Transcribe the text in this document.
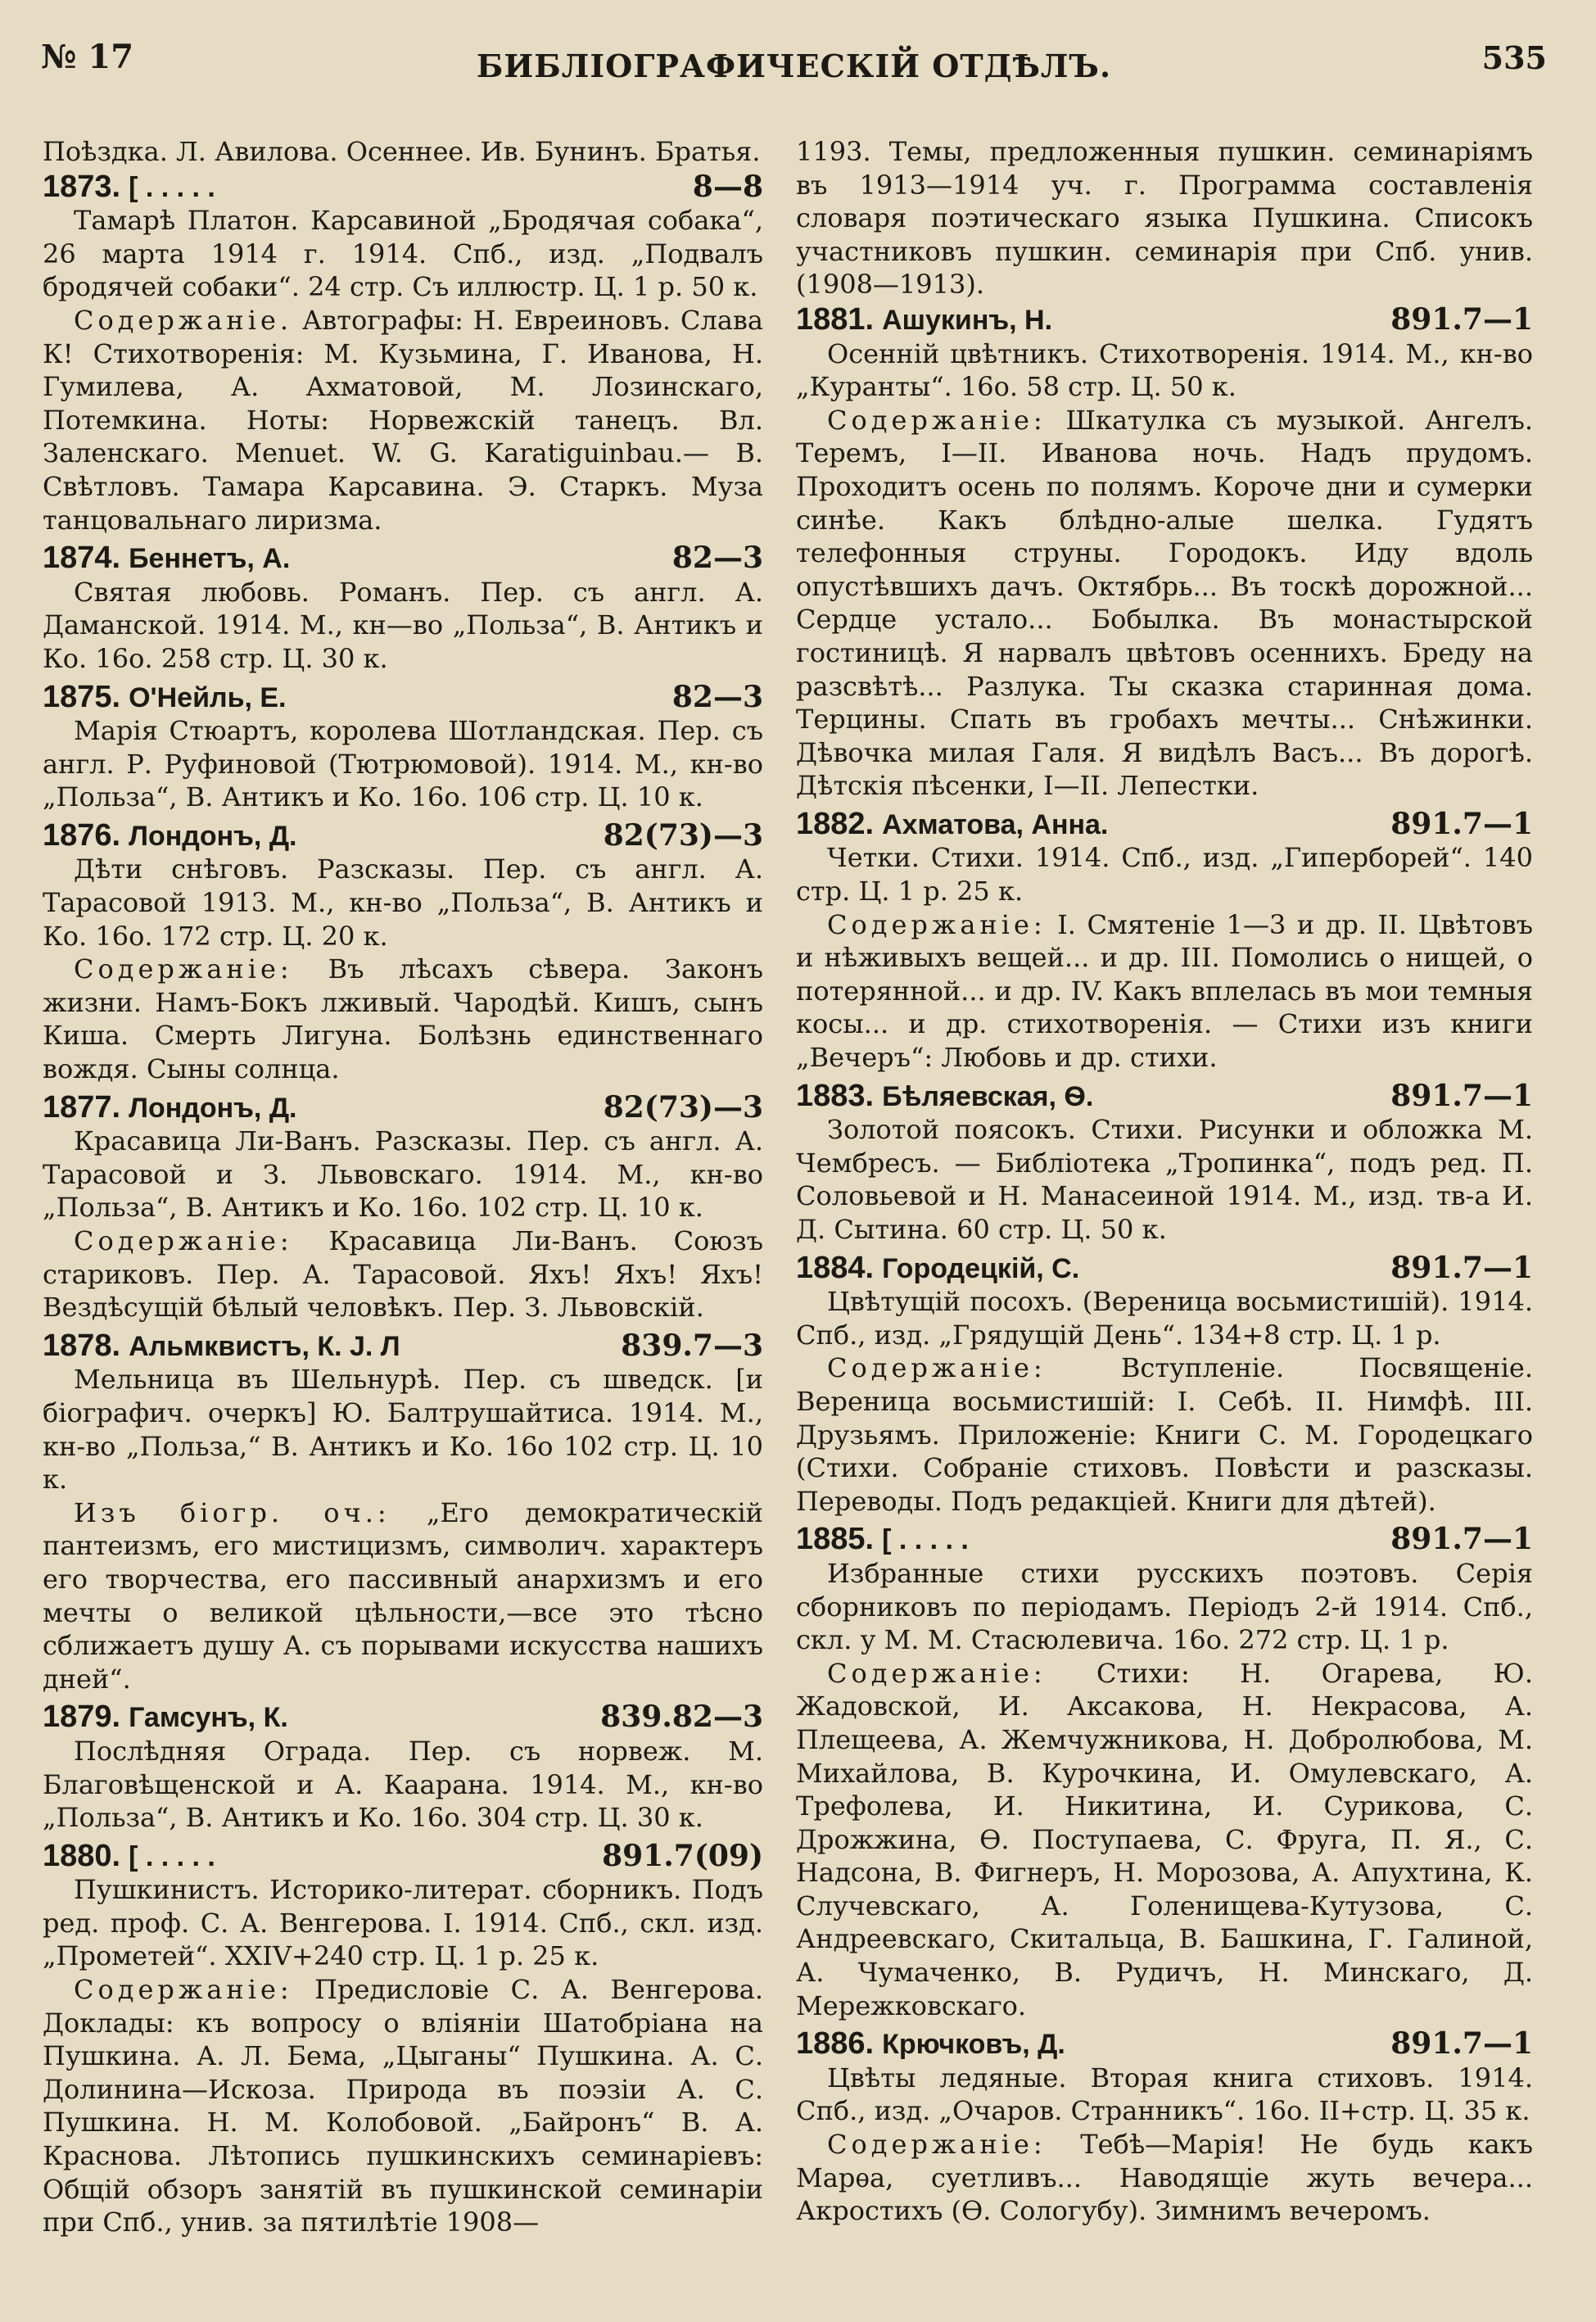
№ 17	БИБЛІОГРАФИЧЕСКІЙ ОТДѢЛЪ.	535

Поѣздка. Л. Авилова. Осеннее. Ив. Бунинъ. Братья.

1873. [ . . . . .	8—8

Тамарѣ Платон. Карсавиной „Бродячая собака“, 26 марта 1914 г. 1914. Спб., изд. „Подвалъ бродячей собаки“. 24 стр. Съ иллюстр. Ц. 1 р. 50 к.

Содержаніе. Автографы: Н. Евреиновъ. Слава К! Стихотворенія: М. Кузьмина, Г. Иванова, Н. Гумилева, А. Ахматовой, М. Лозинскаго, Потемкина. Ноты: Норвежскій танецъ. Вл. Заленскаго. Menuet. W. G. Karatiguinbau.— В. Свѣтловъ. Тамара Карсавина. Э. Старкъ. Муза танцовальнаго лиризма.

1874. Беннетъ, А.	82—3

Святая любовь. Романъ. Пер. съ англ. А. Даманской. 1914. М., кн—во „Польза“, В. Антикъ и Ко. 16о. 258 стр. Ц. 30 к.

1875. О'Нейль, Е.	82—3

Марія Стюартъ, королева Шотландская. Пер. съ англ. Р. Руфиновой (Тютрюмовой). 1914. М., кн-во „Польза“, В. Антикъ и Ко. 16о. 106 стр. Ц. 10 к.

1876. Лондонъ, Д.	82(73)—3

Дѣти снѣговъ. Разсказы. Пер. съ англ. А. Тарасовой 1913. М., кн-во „Польза“, В. Антикъ и Ко. 16о. 172 стр. Ц. 20 к.

Содержаніе: Въ лѣсахъ сѣвера. Законъ жизни. Намъ-Бокъ лживый. Чародѣй. Кишъ, сынъ Киша. Смерть Лигуна. Болѣзнь единственнаго вождя. Сыны солнца.

1877. Лондонъ, Д.	82(73)—3

Красавица Ли-Ванъ. Разсказы. Пер. съ англ. А. Тарасовой и З. Львовскаго. 1914. М., кн-во „Польза“, В. Антикъ и Ко. 16о. 102 стр. Ц. 10 к.

Содержаніе: Красавица Ли-Ванъ. Союзъ стариковъ. Пер. А. Тарасовой. Яхъ! Яхъ! Яхъ! Вездѣсущій бѣлый человѣкъ. Пер. З. Львовскій.

1878. Альмквистъ, К. J. Л	839.7—3

Мельница въ Шельнурѣ. Пер. съ шведск. [и біографич. очеркъ] Ю. Балтрушайтиса. 1914. М., кн-во „Польза,“ В. Антикъ и Ко. 16о 102 стр. Ц. 10 к.

Изъ біогр. оч.: „Его демократическій пантеизмъ, его мистицизмъ, символич. характеръ его творчества, его пассивный анархизмъ и его мечты о великой цѣльности,—все это тѣсно сближаетъ душу А. съ порывами искусства нашихъ дней“.

1879. Гамсунъ, К.	839.82—3

Послѣдняя Ограда. Пер. съ норвеж. М. Благовѣщенской и А. Каарана. 1914. М., кн-во „Польза“, В. Антикъ и Ко. 16о. 304 стр. Ц. 30 к.

1880. [ . . . . .	891.7(09)

Пушкинистъ. Историко-литерат. сборникъ. Подъ ред. проф. С. А. Венгерова. I. 1914. Спб., скл. изд. „Прометей“. XXIV+240 стр. Ц. 1 р. 25 к.

Содержаніе: Предисловіе С. А. Венгерова. Доклады: къ вопросу о вліяніи Шатобріана на Пушкина. А. Л. Бема, „Цыганы“ Пушкина. А. С. Долинина—Искоза. Природа въ поэзіи А. С. Пушкина. Н. М. Колобовой. „Байронъ“ В. А. Краснова. Лѣтопись пушкинскихъ семинаріевъ: Общій обзоръ занятій въ пушкинской семинаріи при Спб., унив. за пятилѣтіе 1908—

1193. Темы, предложенныя пушкин. семинаріямъ въ 1913—1914 уч. г. Программа составленія словаря поэтическаго языка Пушкина. Списокъ участниковъ пушкин. семинарія при Спб. унив. (1908—1913).

1881. Ашукинъ, Н.	891.7—1

Осенній цвѣтникъ. Стихотворенія. 1914. М., кн-во „Куранты“. 16о. 58 стр. Ц. 50 к.

Содержаніе: Шкатулка съ музыкой. Ангелъ. Теремъ, I—II. Иванова ночь. Надъ прудомъ. Проходитъ осень по полямъ. Короче дни и сумерки синѣе. Какъ блѣдно-алые шелка. Гудятъ телефонныя струны. Городокъ. Иду вдоль опустѣвшихъ дачъ. Октябрь... Въ тоскѣ дорожной... Сердце устало... Бобылка. Въ монастырской гостиницѣ. Я нарвалъ цвѣтовъ осеннихъ. Бреду на разсвѣтѣ... Разлука. Ты сказка старинная дома. Терцины. Спать въ гробахъ мечты... Снѣжинки. Дѣвочка милая Галя. Я видѣлъ Васъ... Въ дорогѣ. Дѣтскія пѣсенки, I—II. Лепестки.

1882. Ахматова, Анна.	891.7—1

Четки. Стихи. 1914. Спб., изд. „Гиперборей“. 140 стр. Ц. 1 р. 25 к.

Содержаніе: I. Смятеніе 1—3 и др. II. Цвѣтовъ и нѣживыхъ вещей... и др. III. Помолись о нищей, о потерянной... и др. IV. Какъ вплелась въ мои темныя косы... и др. стихотворенія. — Стихи изъ книги „Вечеръ“: Любовь и др. стихи.

1883. Бѣляевская, Ѳ.	891.7—1

Золотой поясокъ. Стихи. Рисунки и обложка М. Чембресъ. — Библіотека „Тропинка“, подъ ред. П. Соловьевой и Н. Манасеиной 1914. М., изд. тв-а И. Д. Сытина. 60 стр. Ц. 50 к.

1884. Городецкій, С.	891.7—1

Цвѣтущій посохъ. (Вереница восьмистишій). 1914. Спб., изд. „Грядущій День“. 134+8 стр. Ц. 1 р.

Содержаніе:	Вступленіе. Посвященіе. Вереница восьмистишій: I. Себѣ. II. Нимфѣ. III. Друзьямъ. Приложеніе: Книги С. М. Городецкаго (Стихи. Собраніе стиховъ. Повѣсти и разсказы. Переводы. Подъ редакціей. Книги для дѣтей).

1885. [ . . . . .	891.7—1

Избранные стихи русскихъ поэтовъ. Серія сборниковъ по періодамъ. Періодъ 2-й 1914. Спб., скл. у М. М. Стасюлевича. 16о. 272 стр. Ц. 1 р.

Содержаніе: Стихи: Н. Огарева, Ю. Жадовской, И. Аксакова, Н. Некрасова, А. Плещеева, А. Жемчужникова, Н. Добролюбова, М. Михайлова, В. Курочкина, И. Омулевскаго, А. Трефолева, И. Никитина, И. Сурикова, С. Дрожжина, Ѳ. Поступаева, С. Фруга, П. Я., С. Надсона, В. Фигнеръ, Н. Морозова, А. Апухтина, К. Случевскаго, А. Голенищева-Кутузова, С. Андреевскаго, Скитальца, В. Башкина, Г. Галиной, А. Чумаченко, В. Рудичъ, Н. Минскаго, Д. Мережковскаго.

1886. Крючковъ, Д.	891.7—1

Цвѣты ледяные. Вторая книга стиховъ. 1914. Спб., изд. „Очаров. Странникъ“. 16о. II+стр. Ц. 35 к.

Содержаніе: Тебѣ—Марія! Не будь какъ Марѳа, суетливъ... Наводящіе жуть вечера... Акростихъ (Ѳ. Сологубу). Зимнимъ вечеромъ.
